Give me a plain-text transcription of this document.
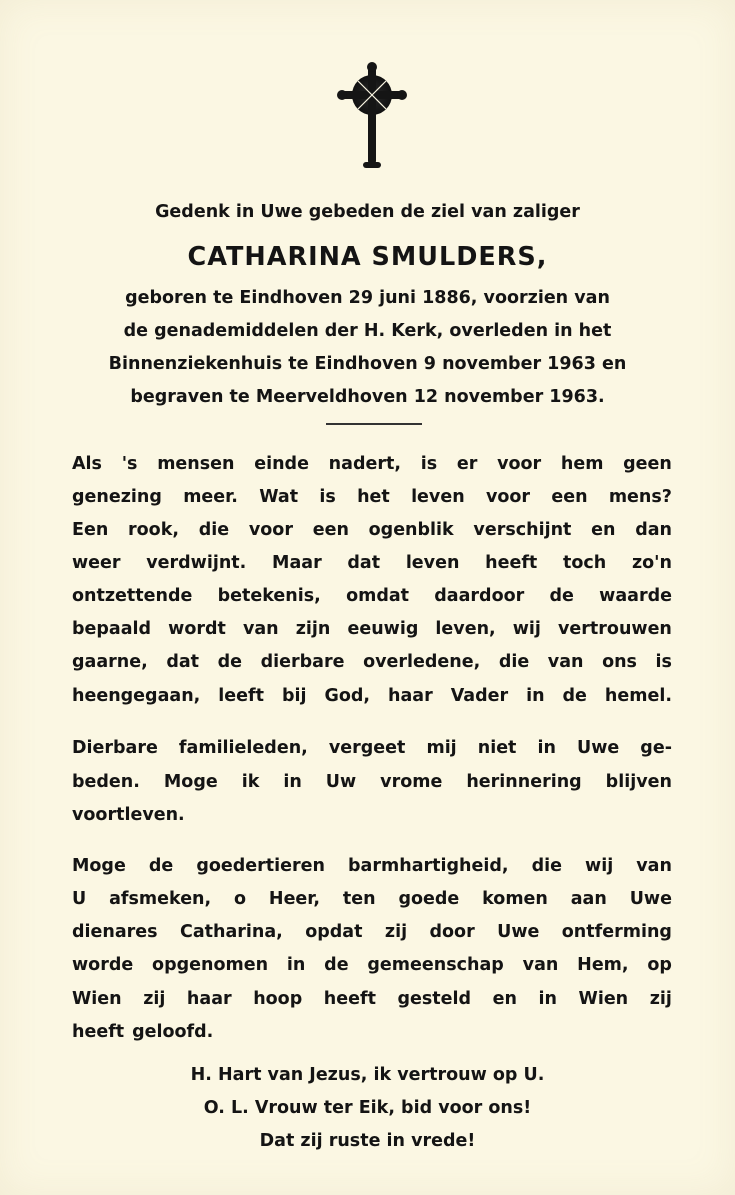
Gedenk in Uwe gebeden de ziel van zaliger
CATHARINA SMULDERS,
geboren te Eindhoven 29 juni 1886, voorzien van
de genademiddelen der H. Kerk, overleden in het
Binnenziekenhuis te Eindhoven 9 november 1963 en
begraven te Meerveldhoven 12 november 1963.
Als 's mensen einde nadert, is er voor hem geen
genezing meer. Wat is het leven voor een mens?
Een rook, die voor een ogenblik verschijnt en dan
weer verdwijnt. Maar dat leven heeft toch zo'n
ontzettende betekenis, omdat daardoor de waarde
bepaald wordt van zijn eeuwig leven, wij vertrouwen
gaarne, dat de dierbare overledene, die van ons is
heengegaan, leeft bij God, haar Vader in de hemel.
Dierbare familieleden, vergeet mij niet in Uwe ge-
beden. Moge ik in Uw vrome herinnering blijven
voortleven.
Moge de goedertieren barmhartigheid, die wij van
U afsmeken, o Heer, ten goede komen aan Uwe
dienares Catharina, opdat zij door Uwe ontferming
worde opgenomen in de gemeenschap van Hem, op
Wien zij haar hoop heeft gesteld en in Wien zij
heeft geloofd.
H. Hart van Jezus, ik vertrouw op U.
O. L. Vrouw ter Eik, bid voor ons!
Dat zij ruste in vrede!
